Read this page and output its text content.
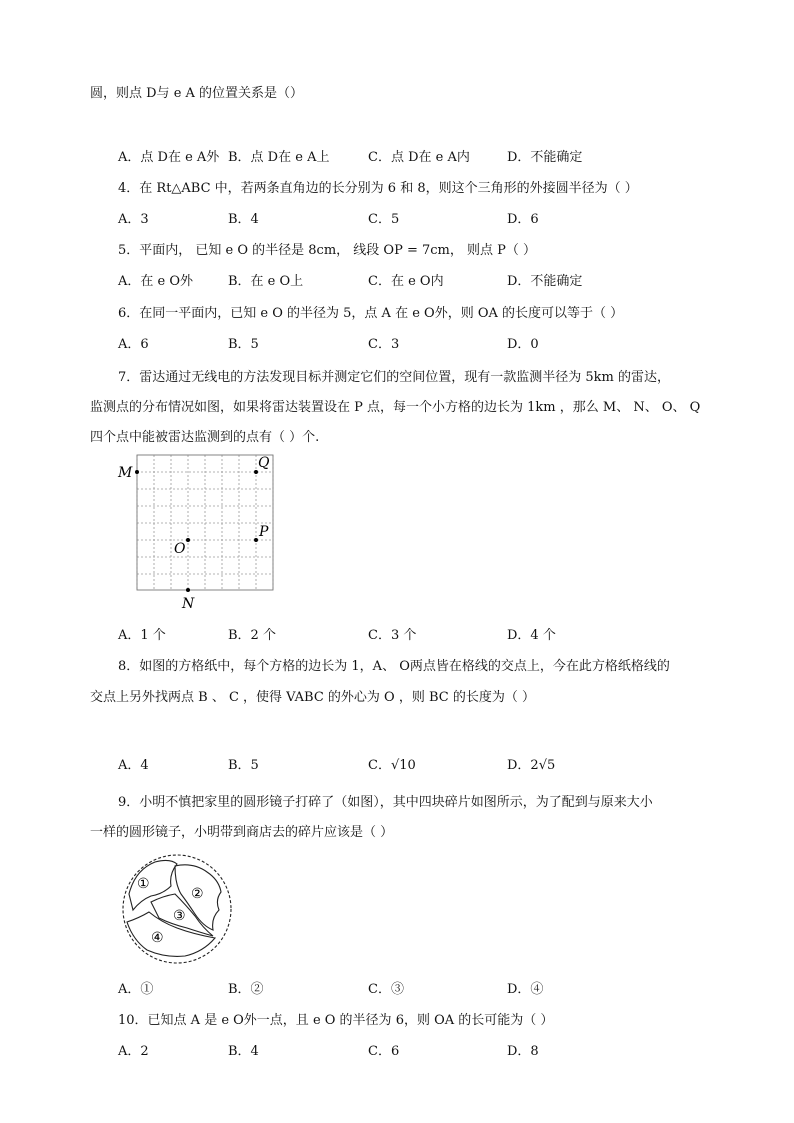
圆，则点 D与 e A 的位置关系是（）
A．点 D在 e A外 B．点 D在 e A上	C．点 D在 e A内	D．不能确定
4．在 Rt△ABC 中，若两条直角边的长分别为 6 和 8，则这个三角形的外接圆半径为（ ）
A．3	B．4	C．5	D．6
5．平面内， 已知 e O 的半径是 8cm， 线段 OP = 7cm， 则点 P（ ）
A．在 e O外	B．在 e O上	C．在 e O内	D．不能确定
6．在同一平面内，已知 e O 的半径为 5，点 A 在 e O外，则 OA 的长度可以等于（ ）
A．6	B．5	C．3	D．0
7．雷达通过无线电的方法发现目标并测定它们的空间位置，现有一款监测半径为 5km 的雷达，
监测点的分布情况如图，如果将雷达装置设在 P 点，每一个小方格的边长为 1km ，那么 M、 N、 O、 Q
四个点中能被雷达监测到的点有（ ）个.
M
Q
O
P
N
A．1 个	B．2 个	C．3 个	D．4 个
8．如图的方格纸中，每个方格的边长为 1，A、 O两点皆在格线的交点上，今在此方格纸格线的
交点上另外找两点 B 、 C ，使得 VABC 的外心为 O ，则 BC 的长度为（ ）
A．4	B．5	C．√10	D．2√5
9．小明不慎把家里的圆形镜子打碎了（如图），其中四块碎片如图所示，为了配到与原来大小
一样的圆形镜子，小明带到商店去的碎片应该是（ ）
①
②
③
④
A．①	B．②	C．③	D．④
10．已知点 A 是 e O外一点，且 e O 的半径为 6，则 OA 的长可能为（ ）
A．2	B．4	C．6	D．8
